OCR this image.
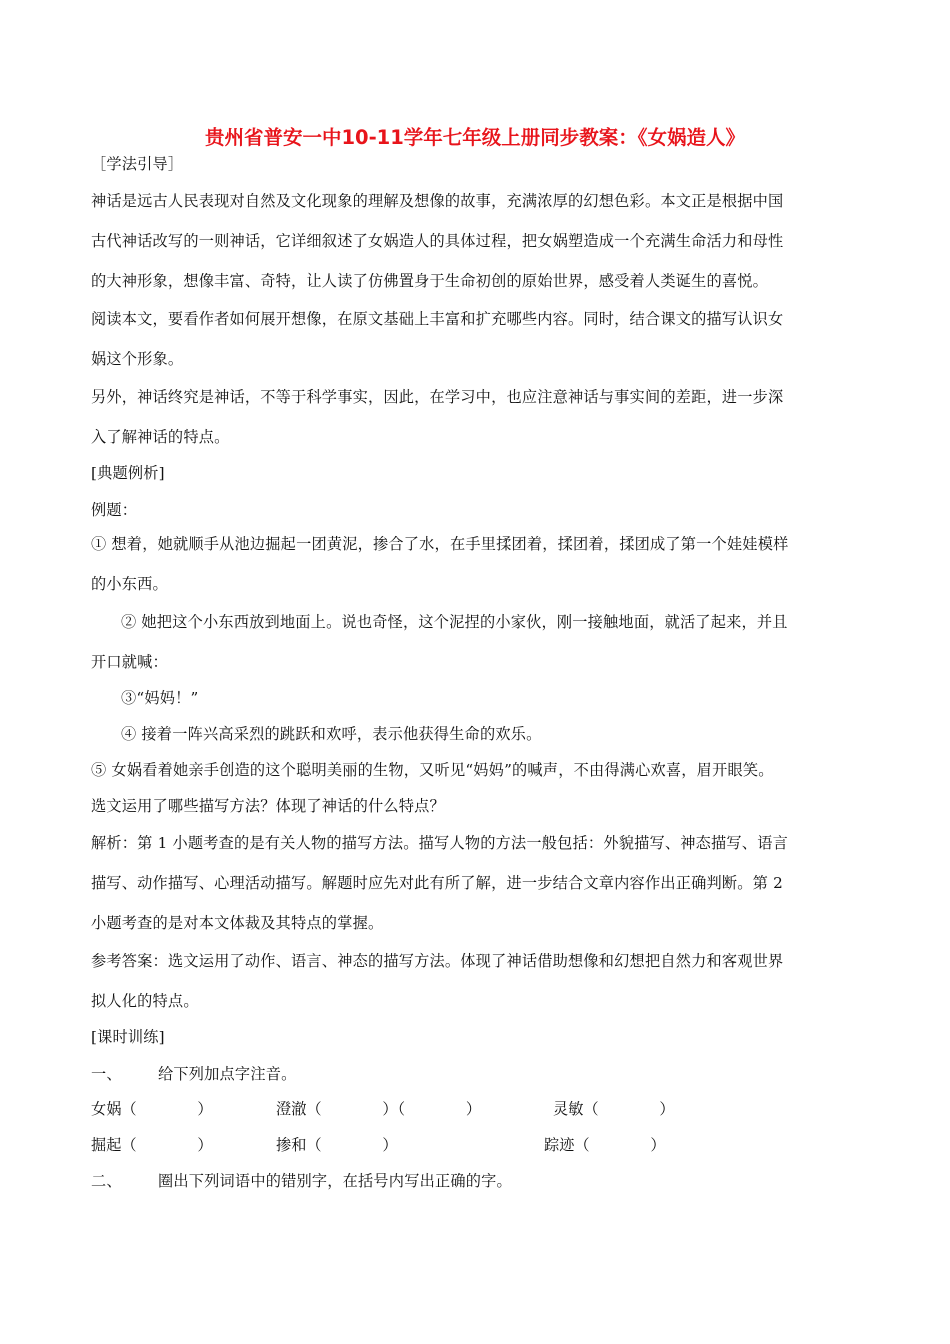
贵州省普安一中10-11学年七年级上册同步教案：《女娲造人》
［学法引导］
神话是远古人民表现对自然及文化现象的理解及想像的故事，充满浓厚的幻想色彩。本文正是根据中国
古代神话改写的一则神话，它详细叙述了女娲造人的具体过程，把女娲塑造成一个充满生命活力和母性
的大神形象，想像丰富、奇特，让人读了仿佛置身于生命初创的原始世界，感受着人类诞生的喜悦。
阅读本文，要看作者如何展开想像，在原文基础上丰富和扩充哪些内容。同时，结合课文的描写认识女
娲这个形象。
另外，神话终究是神话，不等于科学事实，因此，在学习中，也应注意神话与事实间的差距，进一步深
入了解神话的特点。
[典题例析]
例题：
① 想着，她就顺手从池边掘起一团黄泥，掺合了水，在手里揉团着，揉团着，揉团成了第一个娃娃模样
的小东西。
② 她把这个小东西放到地面上。说也奇怪，这个泥捏的小家伙，刚一接触地面，就活了起来，并且
开口就喊：
③“妈妈！”
④ 接着一阵兴高采烈的跳跃和欢呼，表示他获得生命的欢乐。
⑤ 女娲看着她亲手创造的这个聪明美丽的生物，又听见“妈妈”的喊声，不由得满心欢喜，眉开眼笑。
选文运用了哪些描写方法？体现了神话的什么特点？
解析：第 1 小题考查的是有关人物的描写方法。描写人物的方法一般包括：外貌描写、神态描写、语言
描写、动作描写、心理活动描写。解题时应先对此有所了解，进一步结合文章内容作出正确判断。第 2
小题考查的是对本文体裁及其特点的掌握。
参考答案：选文运用了动作、语言、神态的描写方法。体现了神话借助想像和幻想把自然力和客观世界
拟人化的特点。
[课时训练]
一、 给下列加点字注音。
女娲（　　　　）	澄澈（　　　　）（　　　　）	灵敏（　　　　）
掘起（　　　　）	掺和（　　　　）	踪迹（　　　　）
二、 圈出下列词语中的错别字，在括号内写出正确的字。
